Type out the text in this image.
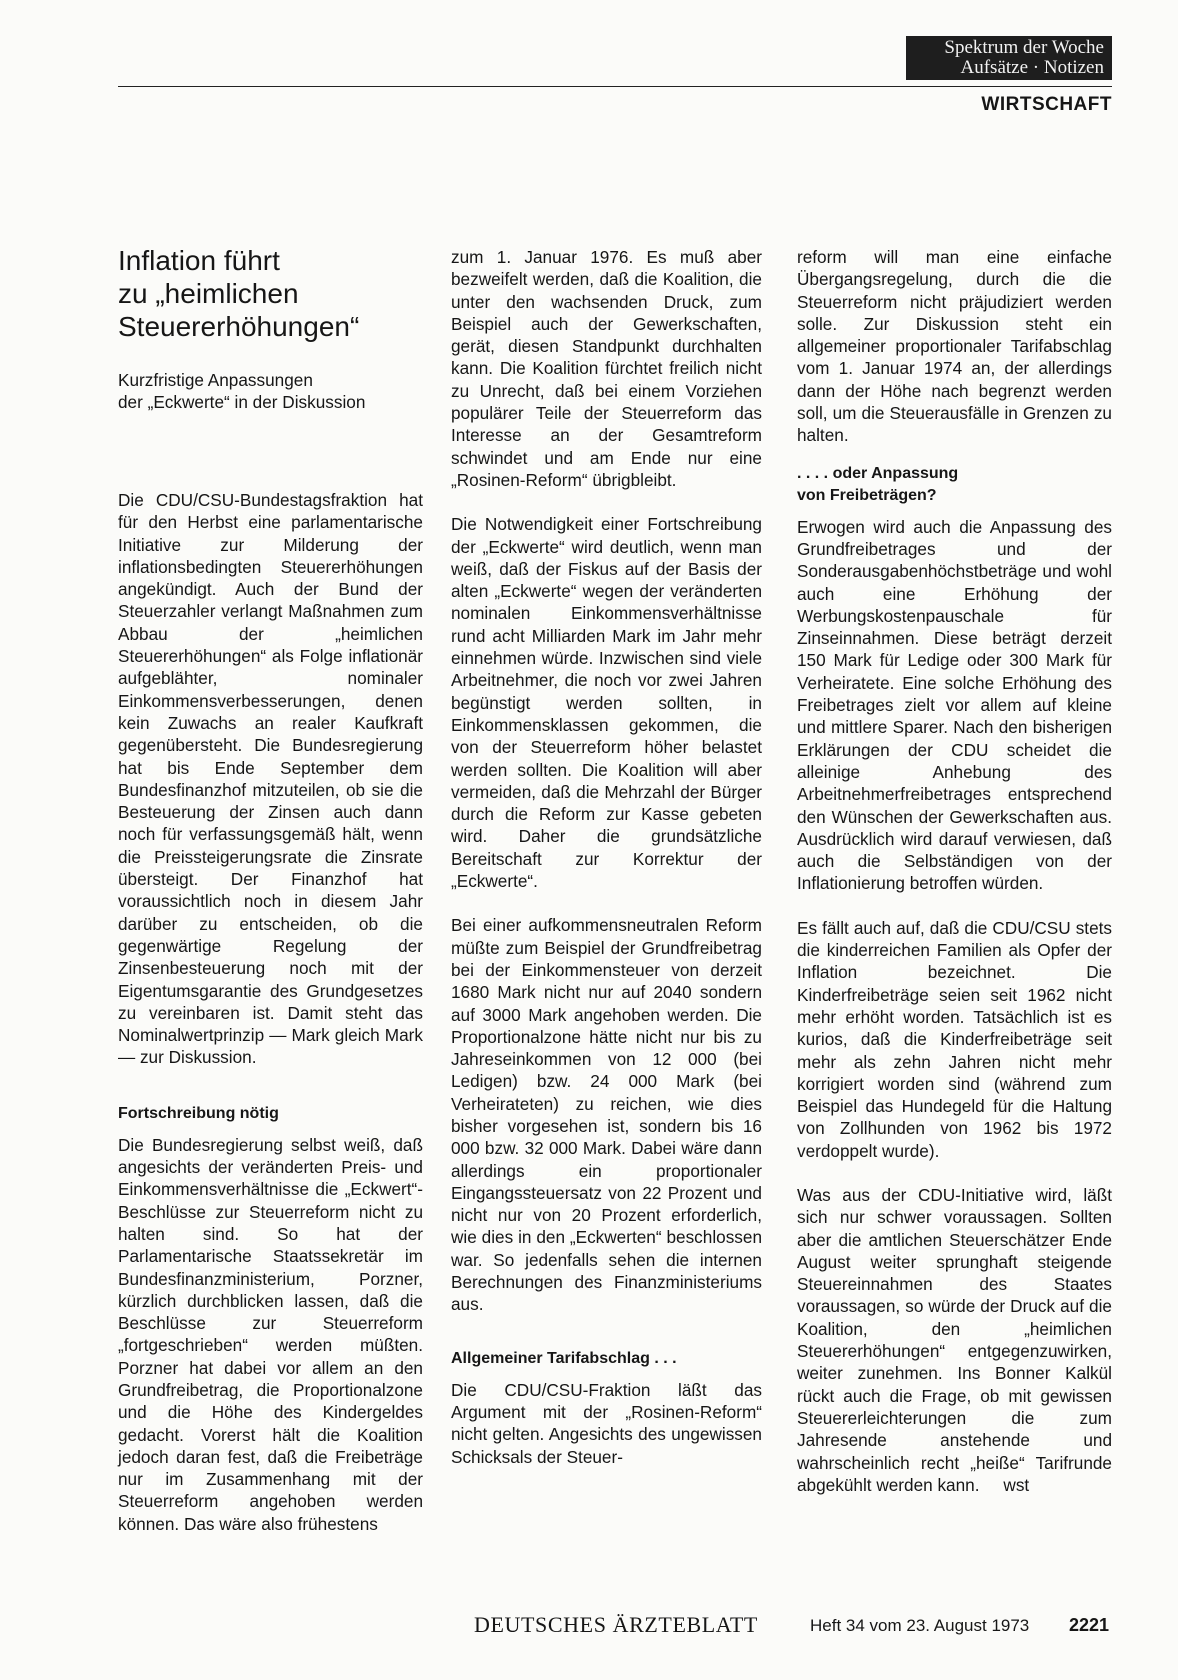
Spektrum der Woche
Aufsätze · Notizen
WIRTSCHAFT
Inflation führt
zu „heimlichen
Steuererhöhungen“
Kurzfristige Anpassungen
der „Eckwerte“ in der Diskussion

Die CDU/CSU-Bundestagsfraktion hat für den Herbst eine parlamentarische Initiative zur Milderung der inflationsbedingten Steuererhöhungen angekündigt. Auch der Bund der Steuerzahler verlangt Maßnahmen zum Abbau der „heimlichen Steuererhöhungen“ als Folge inflationär aufgeblähter, nominaler Einkommensverbesserungen, denen kein Zuwachs an realer Kaufkraft gegenübersteht. Die Bundesregierung hat bis Ende September dem Bundesfinanzhof mitzuteilen, ob sie die Besteuerung der Zinsen auch dann noch für verfassungsgemäß hält, wenn die Preissteigerungsrate die Zinsrate übersteigt. Der Finanzhof hat voraussichtlich noch in diesem Jahr darüber zu entscheiden, ob die gegenwärtige Regelung der Zinsenbesteuerung noch mit der Eigentumsgarantie des Grundgesetzes zu vereinbaren ist. Damit steht das Nominalwertprinzip — Mark gleich Mark — zur Diskussion.

Fortschreibung nötig

Die Bundesregierung selbst weiß, daß angesichts der veränderten Preis- und Einkommensverhältnisse die „Eckwert“-Beschlüsse zur Steuerreform nicht zu halten sind. So hat der Parlamentarische Staatssekretär im Bundesfinanzministerium, Porzner, kürzlich durchblicken lassen, daß die Beschlüsse zur Steuerreform „fortgeschrieben“ werden müßten. Porzner hat dabei vor allem an den Grundfreibetrag, die Proportionalzone und die Höhe des Kindergeldes gedacht. Vorerst hält die Koalition jedoch daran fest, daß die Freibeträge nur im Zusammenhang mit der Steuerreform angehoben werden können. Das wäre also frühestens

zum 1. Januar 1976. Es muß aber bezweifelt werden, daß die Koalition, die unter den wachsenden Druck, zum Beispiel auch der Gewerkschaften, gerät, diesen Standpunkt durchhalten kann. Die Koalition fürchtet freilich nicht zu Unrecht, daß bei einem Vorziehen populärer Teile der Steuerreform das Interesse an der Gesamtreform schwindet und am Ende nur eine „Rosinen-Reform“ übrigbleibt.

Die Notwendigkeit einer Fortschreibung der „Eckwerte“ wird deutlich, wenn man weiß, daß der Fiskus auf der Basis der alten „Eckwerte“ wegen der veränderten nominalen Einkommensverhältnisse rund acht Milliarden Mark im Jahr mehr einnehmen würde. Inzwischen sind viele Arbeitnehmer, die noch vor zwei Jahren begünstigt werden sollten, in Einkommensklassen gekommen, die von der Steuerreform höher belastet werden sollten. Die Koalition will aber vermeiden, daß die Mehrzahl der Bürger durch die Reform zur Kasse gebeten wird. Daher die grundsätzliche Bereitschaft zur Korrektur der „Eckwerte“.

Bei einer aufkommensneutralen Reform müßte zum Beispiel der Grundfreibetrag bei der Einkommensteuer von derzeit 1680 Mark nicht nur auf 2040 sondern auf 3000 Mark angehoben werden. Die Proportionalzone hätte nicht nur bis zu Jahreseinkommen von 12 000 (bei Ledigen) bzw. 24 000 Mark (bei Verheirateten) zu reichen, wie dies bisher vorgesehen ist, sondern bis 16 000 bzw. 32 000 Mark. Dabei wäre dann allerdings ein proportionaler Eingangssteuersatz von 22 Prozent und nicht nur von 20 Prozent erforderlich, wie dies in den „Eckwerten“ beschlossen war. So jedenfalls sehen die internen Berechnungen des Finanzministeriums aus.

Allgemeiner Tarifabschlag . . .

Die CDU/CSU-Fraktion läßt das Argument mit der „Rosinen-Reform“ nicht gelten. Angesichts des ungewissen Schicksals der Steuer-

reform will man eine einfache Übergangsregelung, durch die die Steuerreform nicht präjudiziert werden solle. Zur Diskussion steht ein allgemeiner proportionaler Tarifabschlag vom 1. Januar 1974 an, der allerdings dann der Höhe nach begrenzt werden soll, um die Steuerausfälle in Grenzen zu halten.

. . . . oder Anpassung
von Freibeträgen?

Erwogen wird auch die Anpassung des Grundfreibetrages und der Sonderausgabenhöchstbeträge und wohl auch eine Erhöhung der Werbungskostenpauschale für Zinseinnahmen. Diese beträgt derzeit 150 Mark für Ledige oder 300 Mark für Verheiratete. Eine solche Erhöhung des Freibetrages zielt vor allem auf kleine und mittlere Sparer. Nach den bisherigen Erklärungen der CDU scheidet die alleinige Anhebung des Arbeitnehmerfreibetrages entsprechend den Wünschen der Gewerkschaften aus. Ausdrücklich wird darauf verwiesen, daß auch die Selbständigen von der Inflationierung betroffen würden.

Es fällt auch auf, daß die CDU/CSU stets die kinderreichen Familien als Opfer der Inflation bezeichnet. Die Kinderfreibeträge seien seit 1962 nicht mehr erhöht worden. Tatsächlich ist es kurios, daß die Kinderfreibeträge seit mehr als zehn Jahren nicht mehr korrigiert worden sind (während zum Beispiel das Hundegeld für die Haltung von Zollhunden von 1962 bis 1972 verdoppelt wurde).

Was aus der CDU-Initiative wird, läßt sich nur schwer voraussagen. Sollten aber die amtlichen Steuerschätzer Ende August weiter sprunghaft steigende Steuereinnahmen des Staates voraussagen, so würde der Druck auf die Koalition, den „heimlichen Steuererhöhungen“ entgegenzuwirken, weiter zunehmen. Ins Bonner Kalkül rückt auch die Frage, ob mit gewissen Steuererleichterungen die zum Jahresende anstehende und wahrscheinlich recht „heiße“ Tarifrunde abgekühlt werden kann. wst

DEUTSCHES ÄRZTEBLATT	Heft 34 vom 23. August 1973 2221
